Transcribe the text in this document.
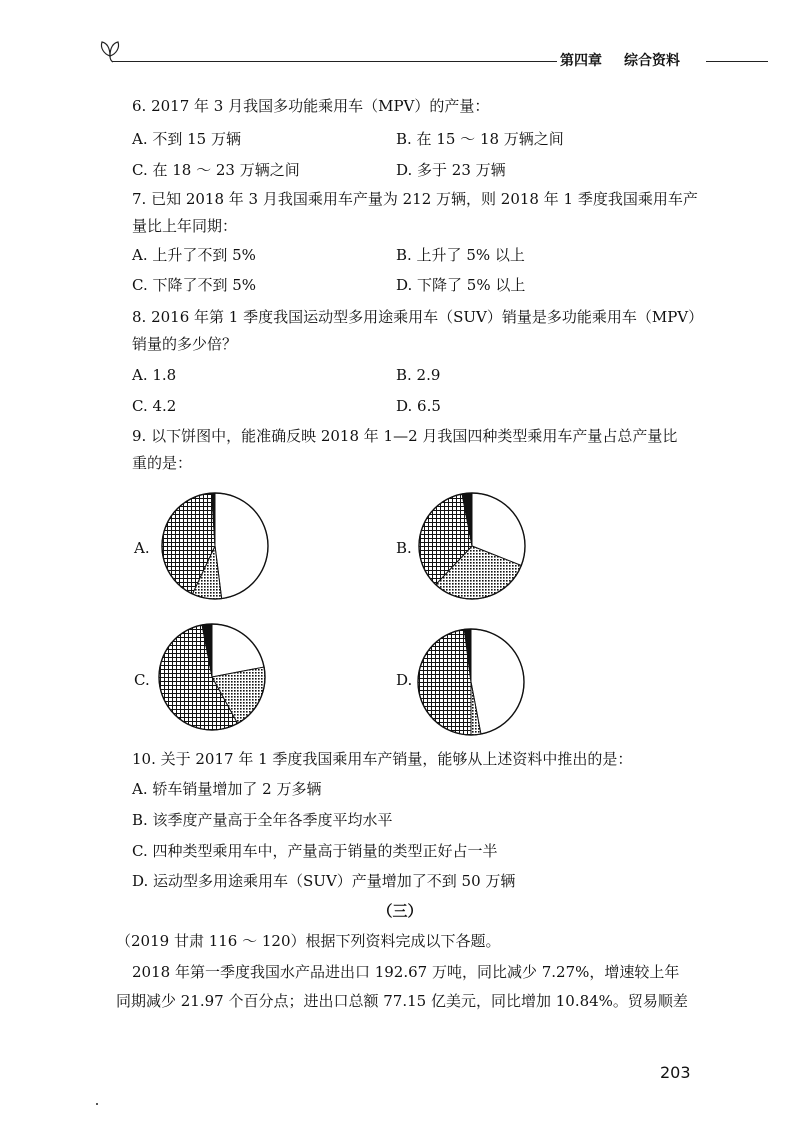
第四章 综合资料
6. 2017 年 3 月我国多功能乘用车（MPV）的产量：
A. 不到 15 万辆	B. 在 15 ～ 18 万辆之间
C. 在 18 ～ 23 万辆之间	D. 多于 23 万辆
7. 已知 2018 年 3 月我国乘用车产量为 212 万辆，则 2018 年 1 季度我国乘用车产
量比上年同期：
A. 上升了不到 5%	B. 上升了 5% 以上
C. 下降了不到 5%	D. 下降了 5% 以上
8. 2016 年第 1 季度我国运动型多用途乘用车（SUV）销量是多功能乘用车（MPV）
销量的多少倍？
A. 1.8	B. 2.9
C. 4.2	D. 6.5
9. 以下饼图中，能准确反映 2018 年 1—2 月我国四种类型乘用车产量占总产量比
重的是：
A.	B.
C.	D.
10. 关于 2017 年 1 季度我国乘用车产销量，能够从上述资料中推出的是：
A. 轿车销量增加了 2 万多辆
B. 该季度产量高于全年各季度平均水平
C. 四种类型乘用车中，产量高于销量的类型正好占一半
D. 运动型多用途乘用车（SUV）产量增加了不到 50 万辆
（三）
（2019 甘肃 116 ～ 120）根据下列资料完成以下各题。
2018 年第一季度我国水产品进出口 192.67 万吨，同比减少 7.27%，增速较上年
同期减少 21.97 个百分点；进出口总额 77.15 亿美元，同比增加 10.84%。贸易顺差
203
